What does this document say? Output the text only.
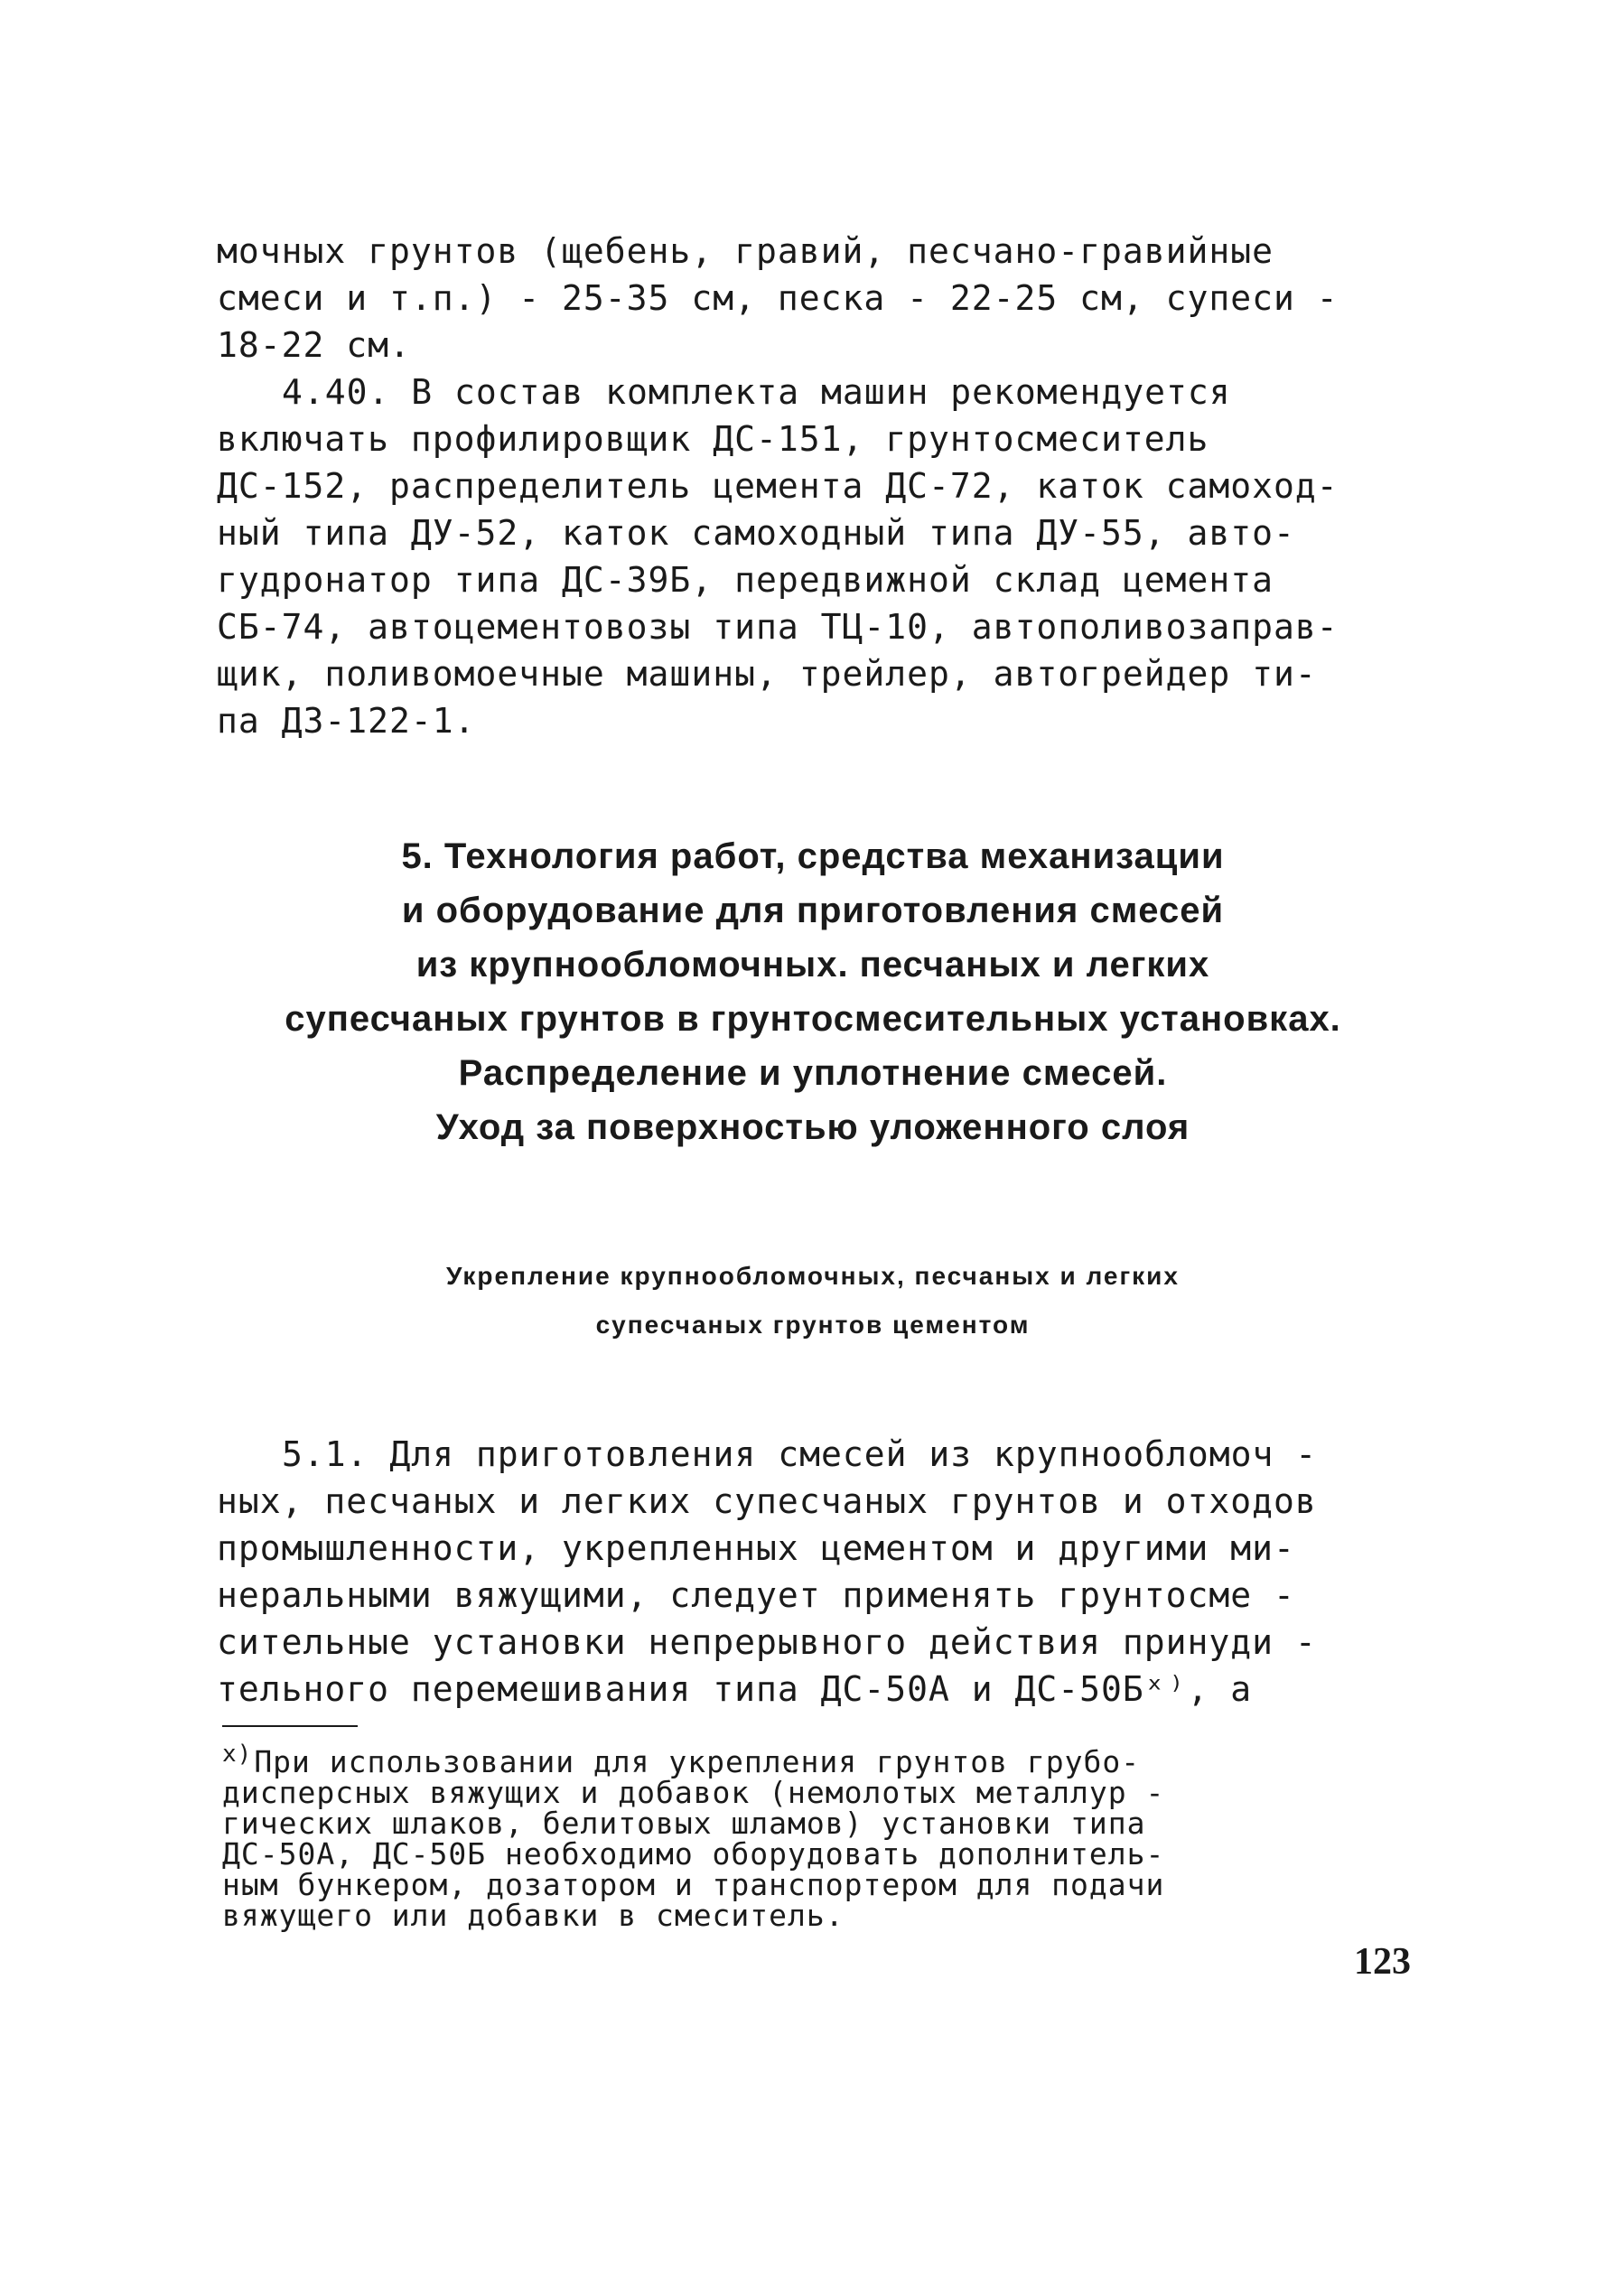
мочных грунтов (щебень, гравий, песчано-гравийные
смеси и т.п.) - 25-35 см, песка - 22-25 см, супеси -
18-22 см.
4.40. В состав комплекта машин рекомендуется
включать профилировщик ДС-151, грунтосмеситель
ДС-152, распределитель цемента ДС-72, каток самоход-
ный типа ДУ-52, каток самоходный типа ДУ-55, авто-
гудронатор типа ДС-39Б, передвижной склад цемента
СБ-74, автоцементовозы типа ТЦ-10, автополивозаправ-
щик, поливомоечные машины, трейлер, автогрейдер ти-
па ДЗ-122-1.
5. Технология работ, средства механизации
и оборудование для приготовления смесей
из крупнообломочных. песчаных и легких
супесчаных грунтов в грунтосмесительных установках.
Распределение и уплотнение смесей.
Уход за поверхностью уложенного слоя
Укрепление крупнообломочных, песчаных и легких
супесчаных грунтов цементом
5.1. Для приготовления смесей из крупнообломоч -
ных, песчаных и легких супесчаных грунтов и отходов
промышленности, укрепленных цементом и другими ми-
неральными вяжущими, следует применять грунтосме -
сительные установки непрерывного действия принуди -
тельного перемешивания типа ДС-50А и ДС-50Бˣ⁾, а
$^{x)}$При использовании для укрепления грунтов грубо-
дисперсных вяжущих и добавок (немолотых металлур -
гических шлаков, белитовых шламов) установки типа
ДС-50А, ДС-50Б необходимо оборудовать дополнитель-
ным бункером, дозатором и транспортером для подачи
вяжущего или добавки в смеситель.
123
